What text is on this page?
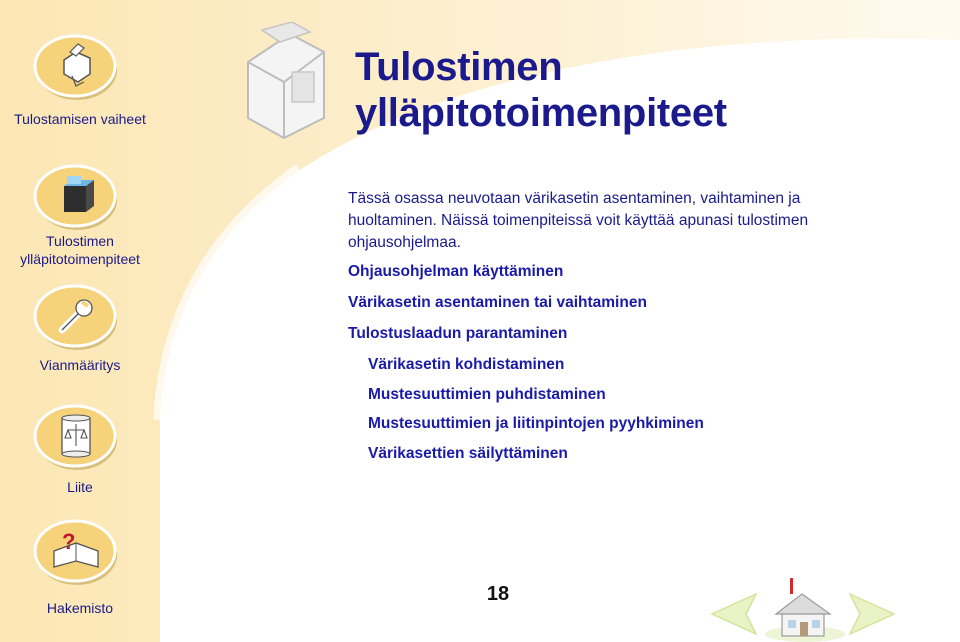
Tulostamisen vaiheet
Tulostimen ylläpitotoimenpiteet
Vianmääritys
Liite
?
Hakemisto
Tulostimen
ylläpitotoimenpiteet

Tässä osassa neuvotaan värikasetin asentaminen, vaihtaminen ja huoltaminen. Näissä toimenpiteissä voit käyttää apunasi tulostimen ohjausohjelmaa.

Ohjausohjelman käyttäminen
Värikasetin asentaminen tai vaihtaminen
Tulostuslaadun parantaminen
Värikasetin kohdistaminen
Mustesuuttimien puhdistaminen
Mustesuuttimien ja liitinpintojen pyyhkiminen
Värikasettien säilyttäminen
18
